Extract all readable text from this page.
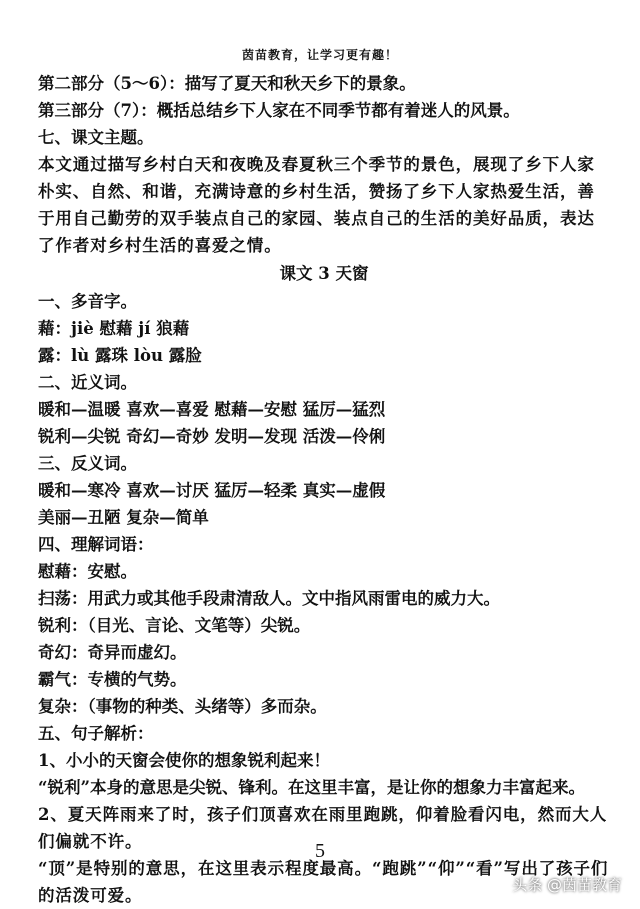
茵苗教育，让学习更有趣！
第二部分（5～6）：描写了夏天和秋天乡下的景象。
第三部分（7）：概括总结乡下人家在不同季节都有着迷人的风景。
七、课文主题。
本文通过描写乡村白天和夜晚及春夏秋三个季节的景色，展现了乡下人家朴实、自然、和谐，充满诗意的乡村生活，赞扬了乡下人家热爱生活，善于用自己勤劳的双手装点自己的家园、装点自己的生活的美好品质，表达了作者对乡村生活的喜爱之情。
课文 3 天窗
一、多音字。
藉：jiè 慰藉 jí 狼藉
露：lù 露珠 lòu 露脸
二、近义词。
暖和—温暖 喜欢—喜爱 慰藉—安慰 猛厉—猛烈
锐利—尖锐 奇幻—奇妙 发明—发现 活泼—伶俐
三、反义词。
暖和—寒冷 喜欢—讨厌 猛厉—轻柔 真实—虚假
美丽—丑陋 复杂—简单
四、理解词语：
慰藉：安慰。
扫荡：用武力或其他手段肃清敌人。文中指风雨雷电的威力大。
锐利：（目光、言论、文笔等）尖锐。
奇幻：奇异而虚幻。
霸气：专横的气势。
复杂：（事物的种类、头绪等）多而杂。
五、句子解析：
1、小小的天窗会使你的想象锐利起来！
“锐利”本身的意思是尖锐、锋利。在这里丰富，是让你的想象力丰富起来。
2、夏天阵雨来了时，孩子们顶喜欢在雨里跑跳，仰着脸看闪电，然而大人们偏就不许。
“顶”是特别的意思，在这里表示程度最高。“跑跳”“仰”“看”写出了孩子们的活泼可爱。
5
头条 @茵苗教育
